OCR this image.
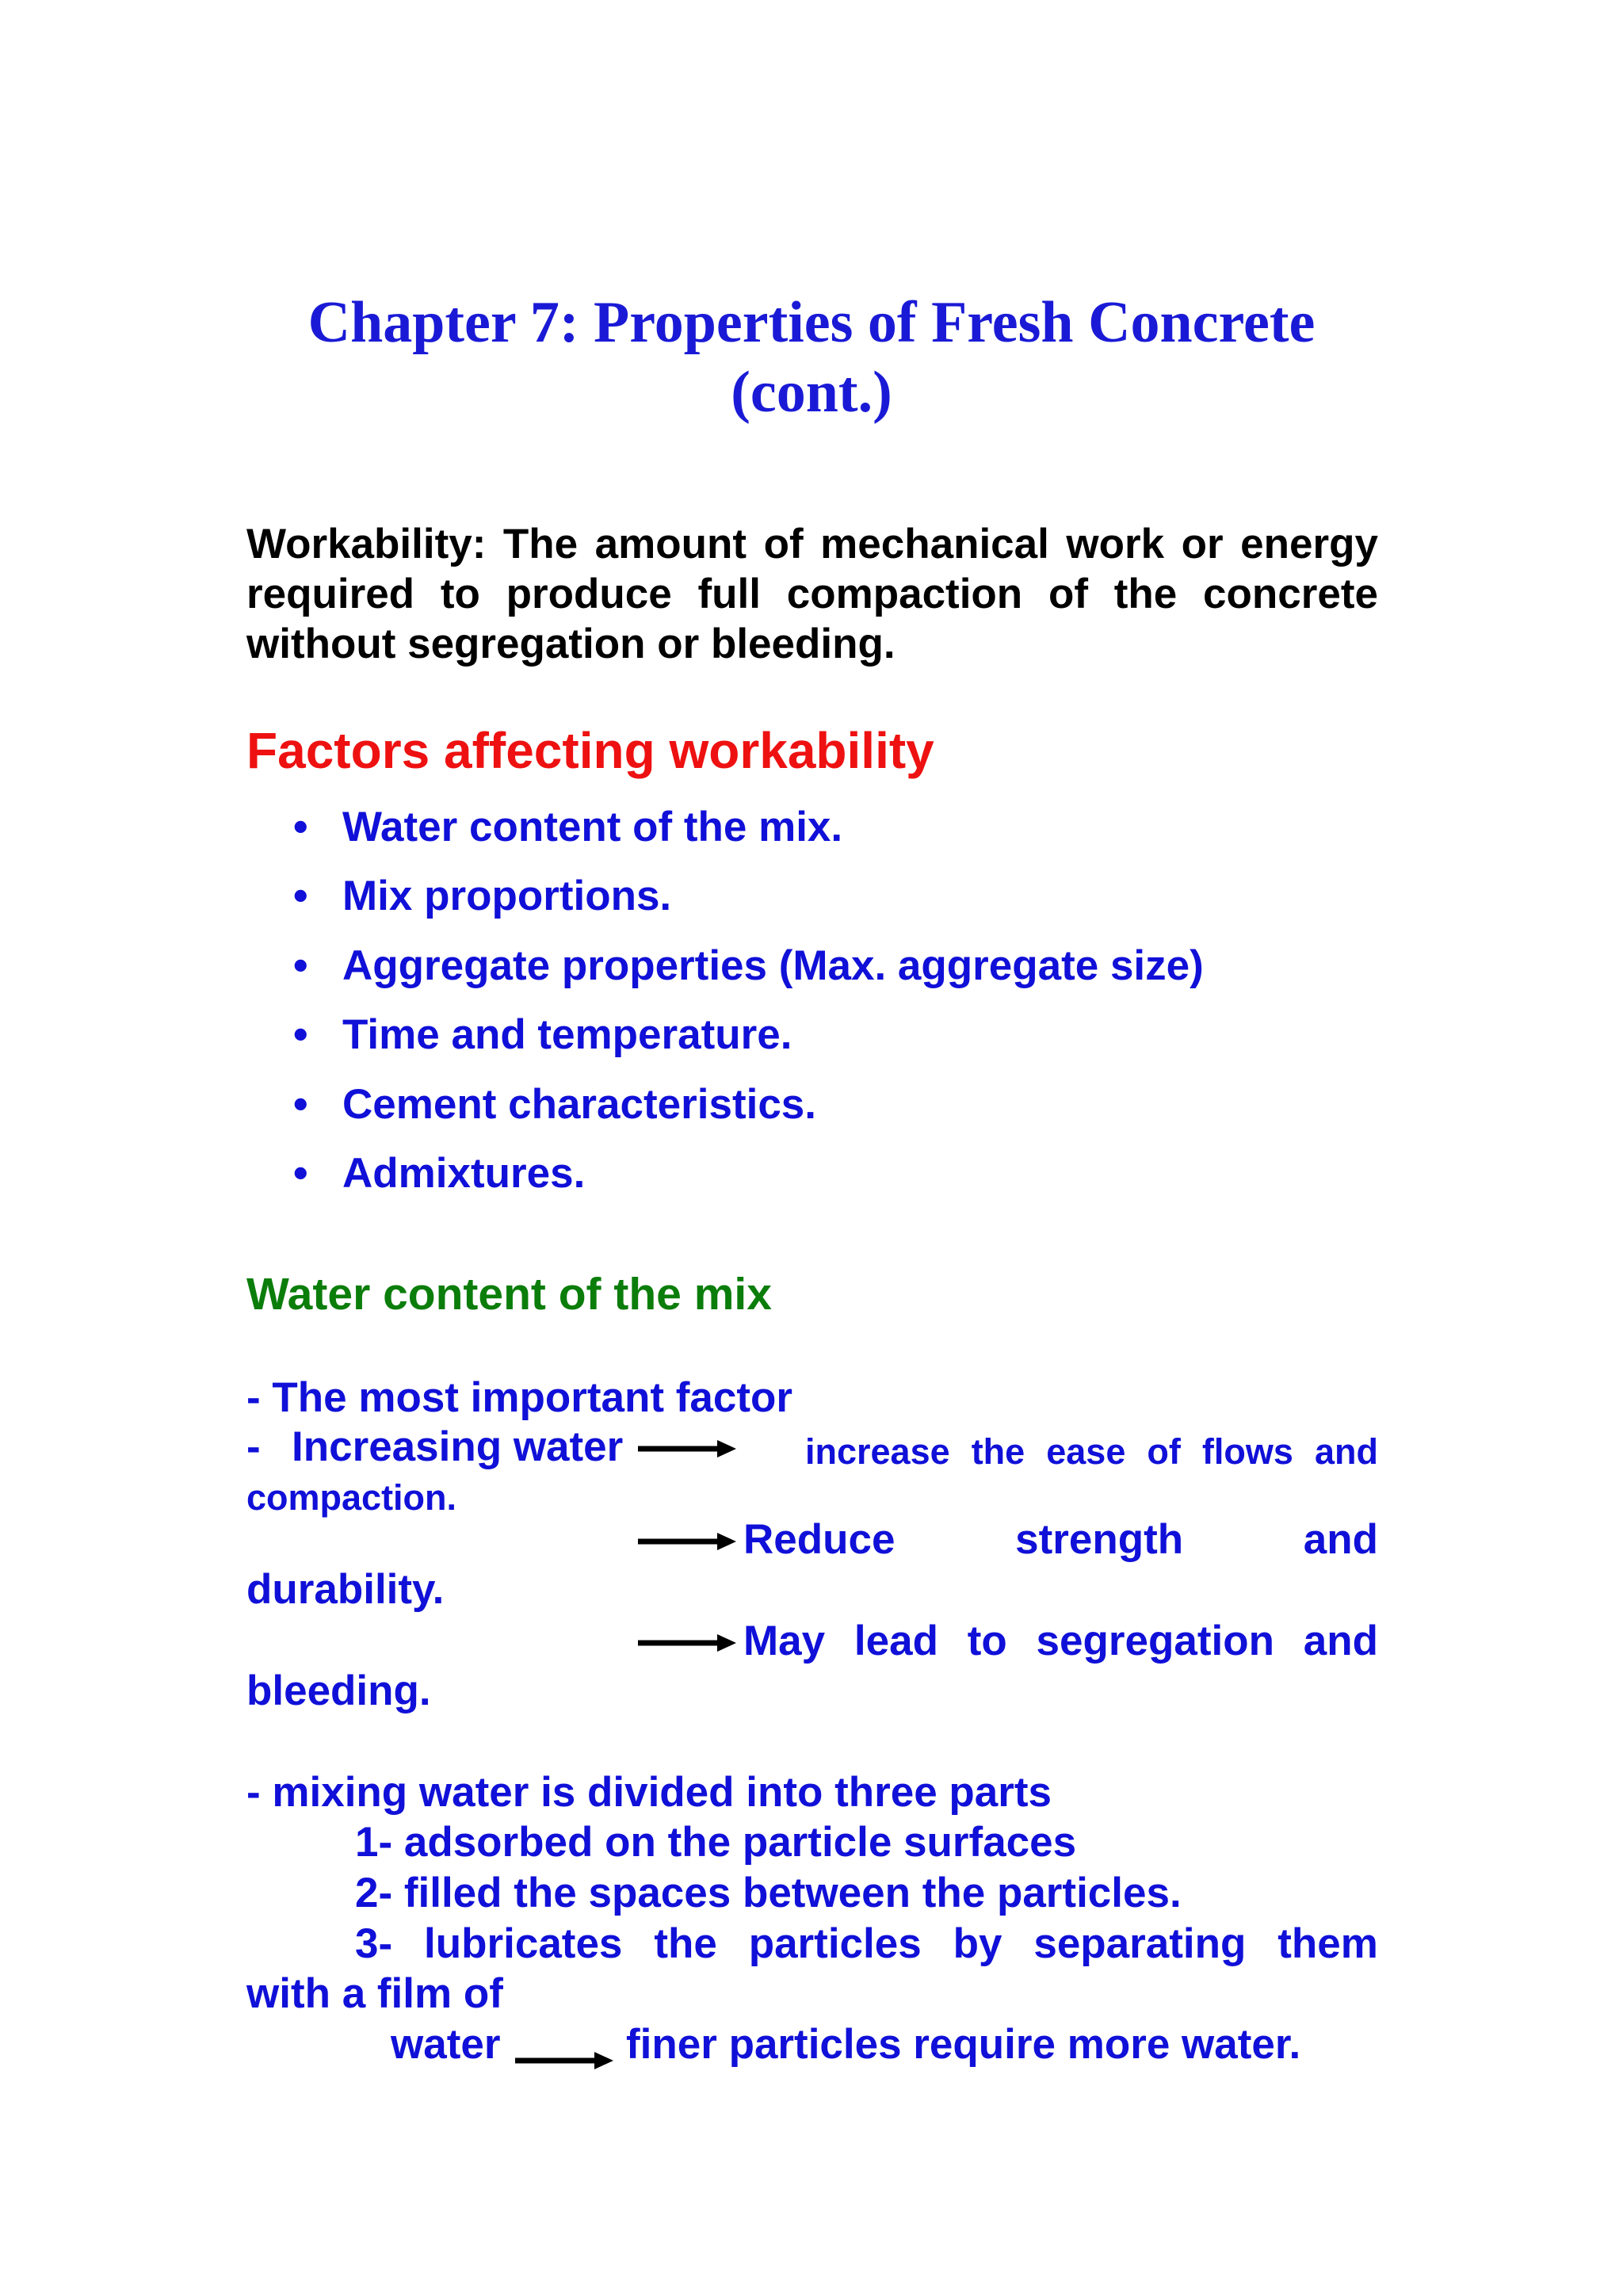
Chapter 7: Properties of Fresh Concrete
(cont.)
Workability: The amount of mechanical work or energy required to produce full compaction of the concrete without segregation or bleeding.
Factors affecting workability
• Water content of the mix.
• Mix proportions.
• Aggregate properties (Max. aggregate size)
• Time and temperature.
• Cement characteristics.
• Admixtures.
Water content of the mix
- The most important factor
- Increasing water	increase the ease of flows and
compaction.
Reduce	strength	and
durability.
May lead to segregation and
bleeding.
- mixing water is divided into three parts
1- adsorbed on the particle surfaces
2- filled the spaces between the particles.
3- lubricates the particles by separating them
with a film of
water	finer particles require more water.
